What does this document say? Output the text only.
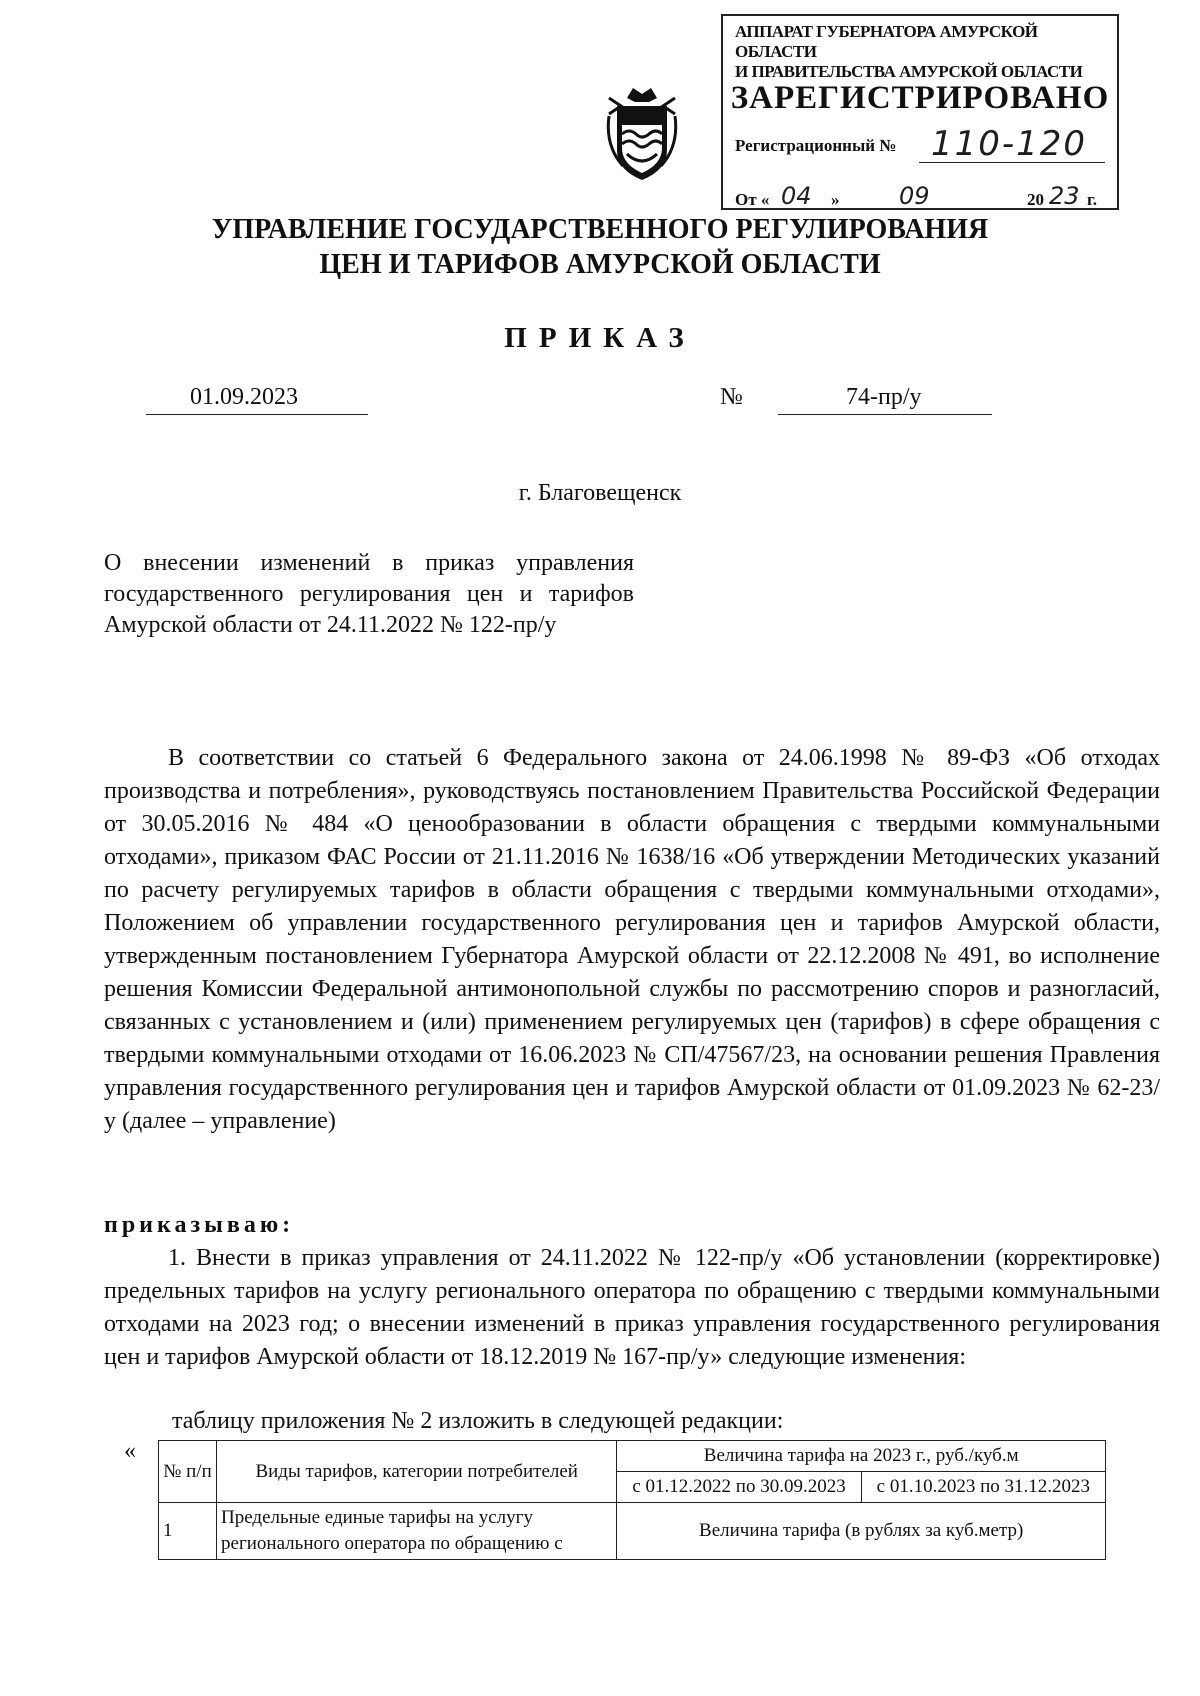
АППАРАТ ГУБЕРНАТОРА АМУРСКОЙ ОБЛАСТИ
И ПРАВИТЕЛЬСТВА АМУРСКОЙ ОБЛАСТИ
ЗАРЕГИСТРИРОВАНО
Регистрационный № 110-120
От « 04 » 09	20 23 г.
УПРАВЛЕНИЕ ГОСУДАРСТВЕННОГО РЕГУЛИРОВАНИЯ
ЦЕН И ТАРИФОВ АМУРСКОЙ ОБЛАСТИ
ПРИКАЗ
01.09.2023	№	74-пр/у
г. Благовещенск
О внесении изменений в приказ управления государственного регулирования цен и тарифов Амурской области от 24.11.2022 № 122-пр/у
В соответствии со статьей 6 Федерального закона от 24.06.1998 № 89-ФЗ «Об отходах производства и потребления», руководствуясь постановлением Правительства Российской Федерации от 30.05.2016 № 484 «О ценообразовании в области обращения с твердыми коммунальными отходами», приказом ФАС России от 21.11.2016 № 1638/16 «Об утверждении Методических указаний по расчету регулируемых тарифов в области обращения с твердыми коммунальными отходами», Положением об управлении государственного регулирования цен и тарифов Амурской области, утвержденным постановлением Губернатора Амурской области от 22.12.2008 № 491, во исполнение решения Комиссии Федеральной антимонопольной службы по рассмотрению споров и разногласий, связанных с установлением и (или) применением регулируемых цен (тарифов) в сфере обращения с твердыми коммунальными отходами от 16.06.2023 № СП/47567/23, на основании решения Правления управления государственного регулирования цен и тарифов Амурской области от 01.09.2023 № 62-23/у (далее – управление)
приказываю:
1. Внести в приказ управления от 24.11.2022 № 122-пр/у «Об установлении (корректировке) предельных тарифов на услугу регионального оператора по обращению с твердыми коммунальными отходами на 2023 год; о внесении изменений в приказ управления государственного регулирования цен и тарифов Амурской области от 18.12.2019 № 167-пр/у» следующие изменения:
таблицу приложения № 2 изложить в следующей редакции:
«
№ п/п	Виды тарифов, категории потребителей	Величина тарифа на 2023 г., руб./куб.м	
		с 01.12.2022 по 30.09.2023	с 01.10.2023 по 31.12.2023
1	Предельные единые тарифы на услугу регионального оператора по обращению с	Величина тарифа (в рублях за куб.метр)	
